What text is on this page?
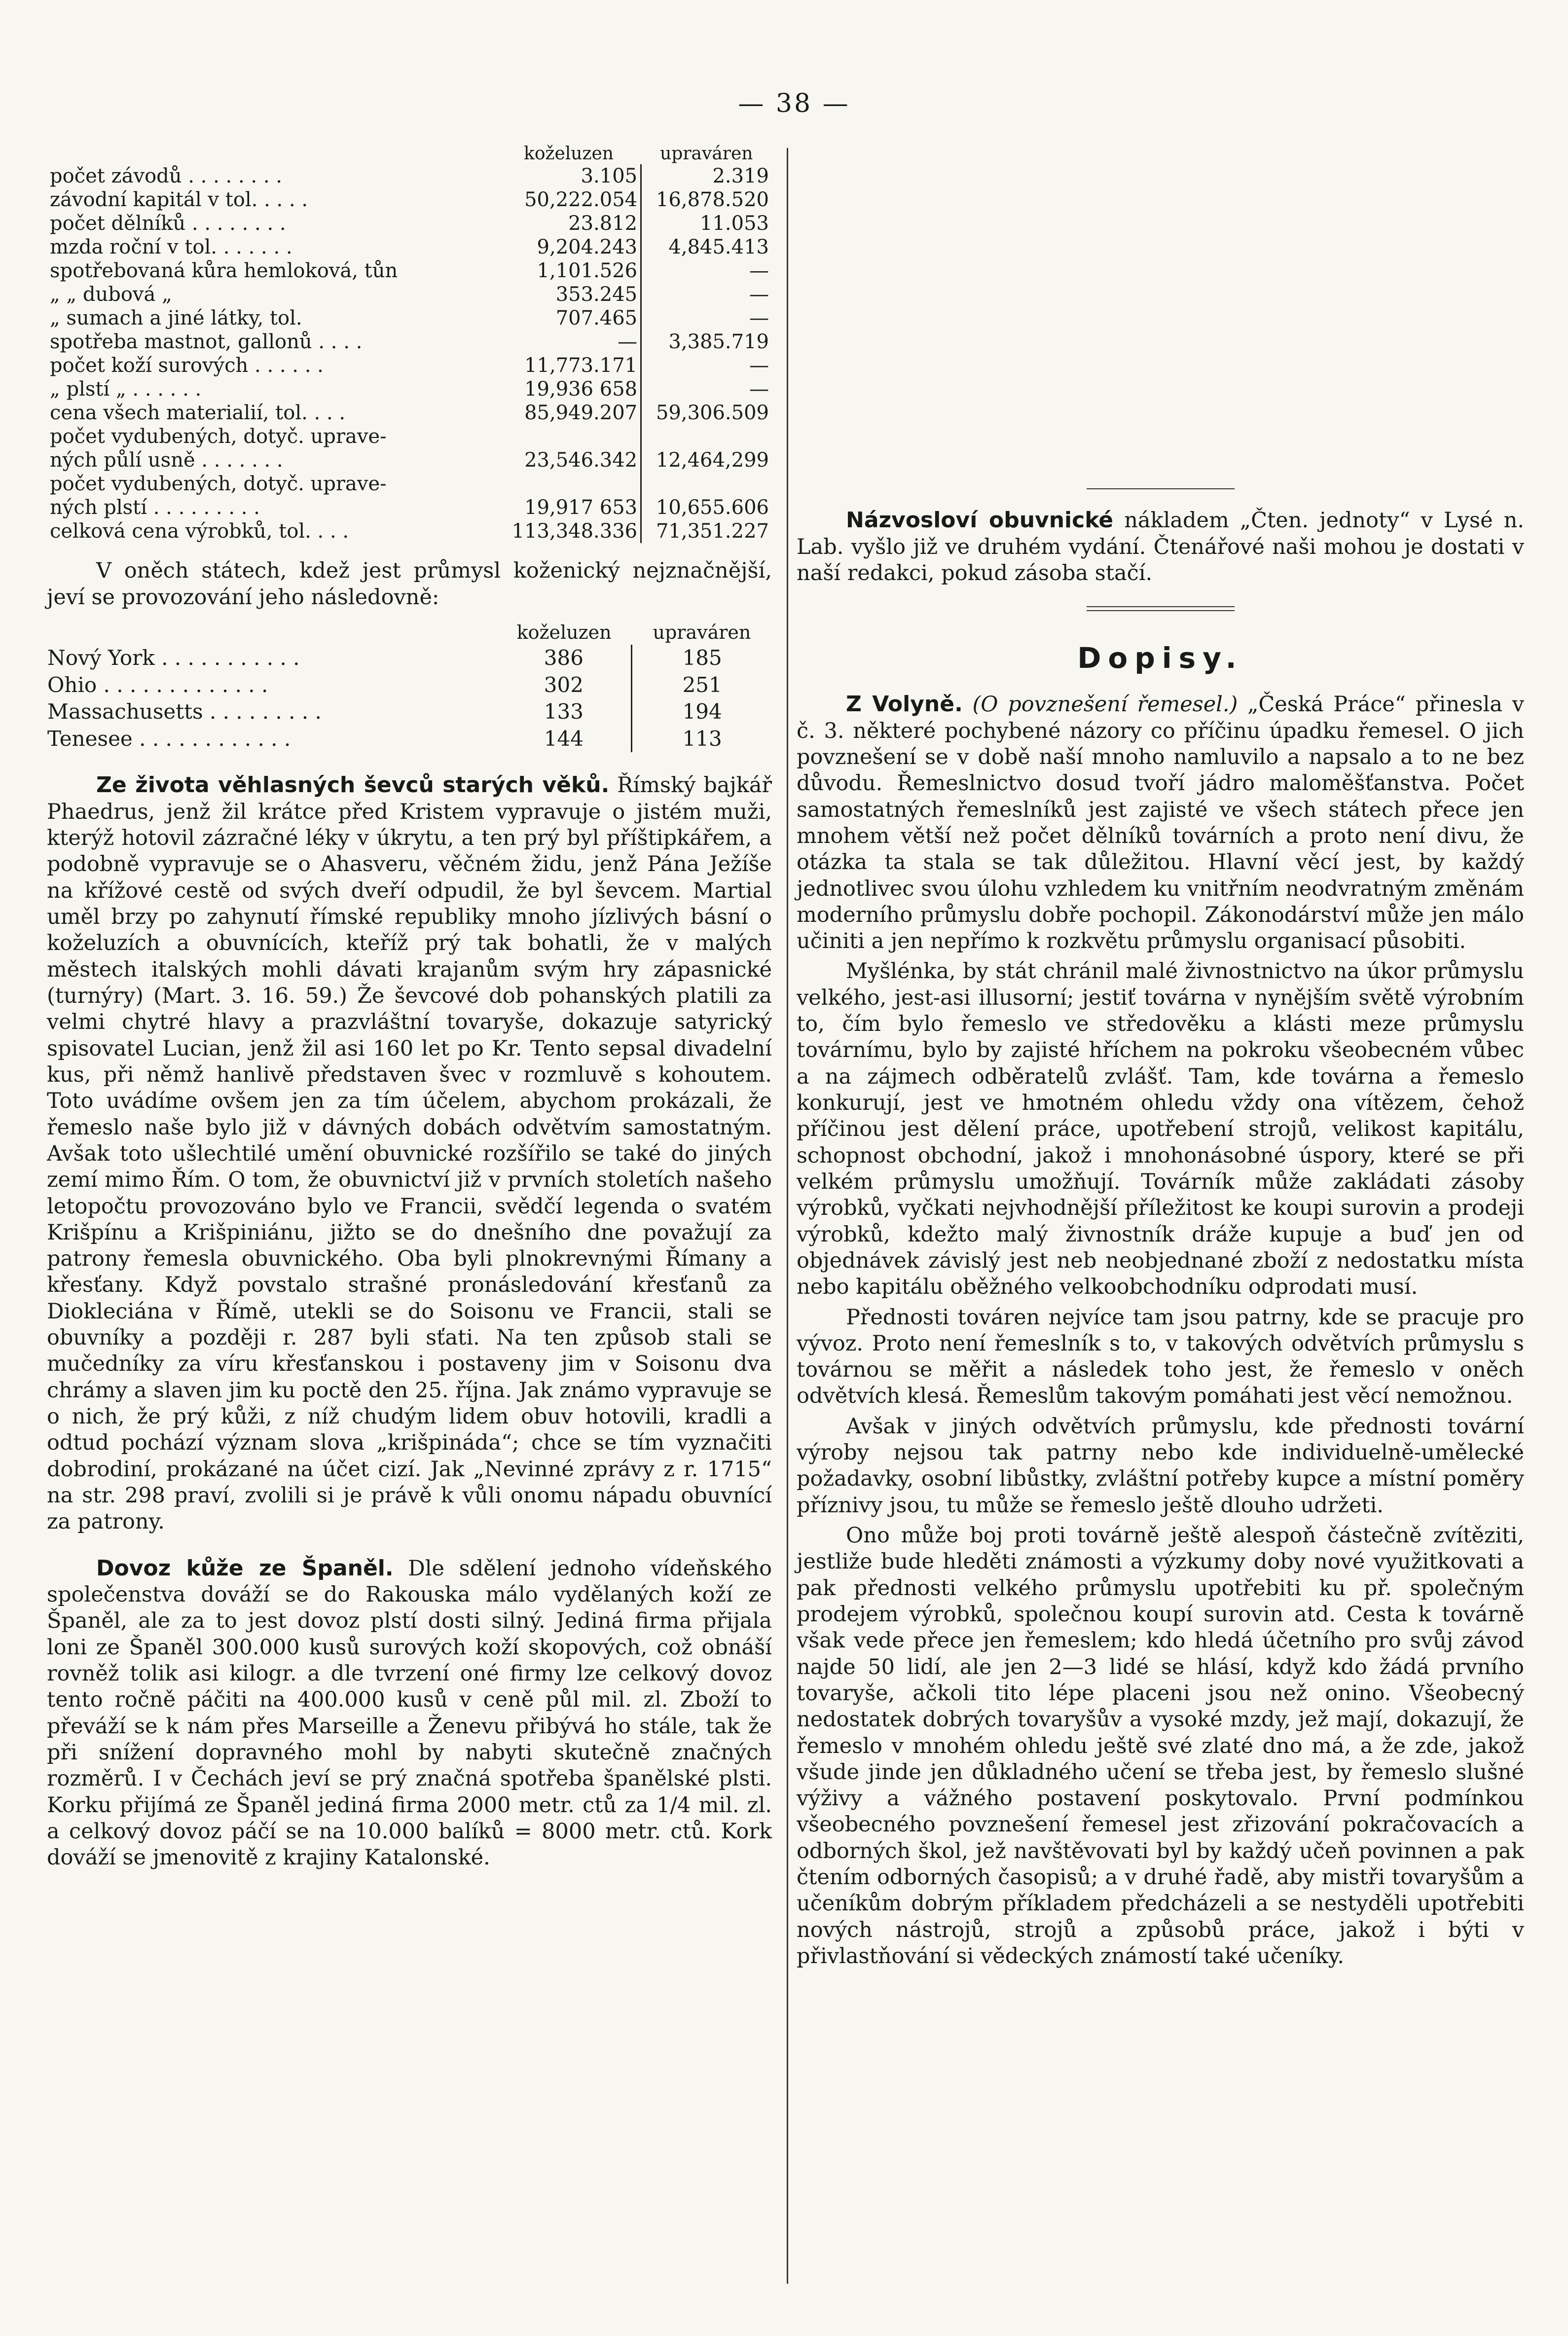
— 38 —
	koželuzen	upraváren
počet závodů . . . . . . . .	3.105	2.319
závodní kapitál v tol. . . . .	50,222.054	16,878.520
počet dělníků . . . . . . . .	23.812	11.053
mzda roční v tol. . . . . . .	9,204.243	4,845.413
spotřebovaná kůra hemloková, tůn	1,101.526	—
„ „ dubová „	353.245	—
„ sumach a jiné látky, tol.	707.465	—
spotřeba mastnot, gallonů . . . .	—	3,385.719
počet koží surových . . . . . .	11,773.171	—
„ plstí „ . . . . . .	19,936 658	—
cena všech materialií, tol. . . .	85,949.207	59,306.509
počet vydubených, dotyč. uprave-		
ných půlí usně . . . . . . .	23,546.342	12,464,299
počet vydubených, dotyč. uprave-		
ných plstí . . . . . . . . .	19,917 653	10,655.606
celková cena výrobků, tol. . . .	113,348.336	71,351.227

V oněch státech, kdež jest průmysl koženický nejznačnější, jeví se provozování jeho následovně:

	koželuzen	upraváren
Nový York . . . . . . . . . . .	386	185
Ohio . . . . . . . . . . . . .	302	251
Massachusetts . . . . . . . . .	133	194
Tenesee . . . . . . . . . . . .	144	113

Ze života věhlasných ševců starých věků. Římský bajkář Phaedrus, jenž žil krátce před Kristem vypravuje o jistém muži, kterýž hotovil zázračné léky v úkrytu, a ten prý byl příštipkářem, a podobně vypravuje se o Ahasveru, věčném židu, jenž Pána Ježíše na křížové cestě od svých dveří odpudil, že byl ševcem. Martial uměl brzy po zahynutí římské republiky mnoho jízlivých básní o koželuzích a obuvnících, kteříž prý tak bohatli, že v malých městech italských mohli dávati krajanům svým hry zápasnické (turnýry) (Mart. 3. 16. 59.) Že ševcové dob pohanských platili za velmi chytré hlavy a prazvláštní tovaryše, dokazuje satyrický spisovatel Lucian, jenž žil asi 160 let po Kr. Tento sepsal divadelní kus, při němž hanlivě představen švec v rozmluvě s kohoutem. Toto uvádíme ovšem jen za tím účelem, abychom prokázali, že řemeslo naše bylo již v dávných dobách odvětvím samostatným. Avšak toto ušlechtilé umění obuvnické rozšířilo se také do jiných zemí mimo Řím. O tom, že obuvnictví již v prvních stoletích našeho letopočtu provozováno bylo ve Francii, svědčí legenda o svatém Krišpínu a Krišpiniánu, jižto se do dnešního dne považují za patrony řemesla obuvnického. Oba byli plnokrevnými Římany a křesťany. Když povstalo strašné pronásledování křesťanů za Diokleciána v Římě, utekli se do Soisonu ve Francii, stali se obuvníky a později r. 287 byli sťati. Na ten způsob stali se mučedníky za víru křesťanskou i postaveny jim v Soisonu dva chrámy a slaven jim ku poctě den 25. října. Jak známo vypravuje se o nich, že prý kůži, z níž chudým lidem obuv hotovili, kradli a odtud pochází význam slova „krišpináda“; chce se tím vyznačiti dobrodiní, prokázané na účet cizí. Jak „Nevinné zprávy z r. 1715“ na str. 298 praví, zvolili si je právě k vůli onomu nápadu obuvnící za patrony.

Dovoz kůže ze Španěl. Dle sdělení jednoho vídeňského společenstva dováží se do Rakouska málo vydělaných koží ze Španěl, ale za to jest dovoz plstí dosti silný. Jediná firma přijala loni ze Španěl 300.000 kusů surových koží skopových, což obnáší rovněž tolik asi kilogr. a dle tvrzení oné firmy lze celkový dovoz tento ročně páčiti na 400.000 kusů v ceně půl mil. zl. Zboží to převáží se k nám přes Marseille a Ženevu přibývá ho stále, tak že při snížení dopravného mohl by nabyti skutečně značných rozměrů. I v Čechách jeví se prý značná spotřeba španělské plsti. Korku přijímá ze Španěl jediná firma 2000 metr. ctů za 1/4 mil. zl. a celkový dovoz páčí se na 10.000 balíků = 8000 metr. ctů. Kork dováží se jmenovitě z krajiny Katalonské.

Názvosloví obuvnické nákladem „Čten. jednoty“ v Lysé n. Lab. vyšlo již ve druhém vydání. Čtenářové naši mohou je dostati v naší redakci, pokud zásoba stačí.

Dopisy.

Z Volyně. (O povznešení řemesel.) „Česká Práce“ přinesla v č. 3. některé pochybené názory co příčinu úpadku řemesel. O jich povznešení se v době naší mnoho namluvilo a napsalo a to ne bez důvodu. Řemeslnictvo dosud tvoří jádro maloměšťanstva. Počet samostatných řemeslníků jest zajisté ve všech státech přece jen mnohem větší než počet dělníků továrních a proto není divu, že otázka ta stala se tak důležitou. Hlavní věcí jest, by každý jednotlivec svou úlohu vzhledem ku vnitřním neodvratným změnám moderního průmyslu dobře pochopil. Zákonodárství může jen málo učiniti a jen nepřímo k rozkvětu průmyslu organisací působiti.

Myšlénka, by stát chránil malé živnostnictvo na úkor průmyslu velkého, jest-asi illusorní; jestiť továrna v nynějším světě výrobním to, čím bylo řemeslo ve středověku a klásti meze průmyslu továrnímu, bylo by zajisté hříchem na pokroku všeobecném vůbec a na zájmech odběratelů zvlášť. Tam, kde továrna a řemeslo konkurují, jest ve hmotném ohledu vždy ona vítězem, čehož příčinou jest dělení práce, upotřebení strojů, velikost kapitálu, schopnost obchodní, jakož i mnohonásobné úspory, které se při velkém průmyslu umožňují. Továrník může zakládati zásoby výrobků, vyčkati nejvhodnější příležitost ke koupi surovin a prodeji výrobků, kdežto malý živnostník dráže kupuje a buď jen od objednávek závislý jest neb neobjednané zboží z nedostatku místa nebo kapitálu oběžného velkoobchodníku odprodati musí.

Přednosti továren nejvíce tam jsou patrny, kde se pracuje pro vývoz. Proto není řemeslník s to, v takových odvětvích průmyslu s továrnou se měřit a následek toho jest, že řemeslo v oněch odvětvích klesá. Řemeslům takovým pomáhati jest věcí nemožnou.

Avšak v jiných odvětvích průmyslu, kde přednosti tovární výroby nejsou tak patrny nebo kde individuelně-umělecké požadavky, osobní libůstky, zvláštní potřeby kupce a místní poměry příznivy jsou, tu může se řemeslo ještě dlouho udržeti.

Ono může boj proti továrně ještě alespoň částečně zvítěziti, jestliže bude hleděti známosti a výzkumy doby nové využitkovati a pak přednosti velkého průmyslu upotřebiti ku př. společným prodejem výrobků, společnou koupí surovin atd. Cesta k továrně však vede přece jen řemeslem; kdo hledá účetního pro svůj závod najde 50 lidí, ale jen 2—3 lidé se hlásí, když kdo žádá prvního tovaryše, ačkoli tito lépe placeni jsou než onino. Všeobecný nedostatek dobrých tovaryšův a vysoké mzdy, jež mají, dokazují, že řemeslo v mnohém ohledu ještě své zlaté dno má, a že zde, jakož všude jinde jen důkladného učení se třeba jest, by řemeslo slušné výživy a vážného postavení poskytovalo. První podmínkou všeobecného povznešení řemesel jest zřizování pokračovacích a odborných škol, jež navštěvovati byl by každý učeň povinnen a pak čtením odborných časopisů; a v druhé řadě, aby mistři tovaryšům a učeníkům dobrým příkladem předcházeli a se nestyděli upotřebiti nových nástrojů, strojů a způsobů práce, jakož i býti v přivlastňování si vědeckých známostí také učeníky.
